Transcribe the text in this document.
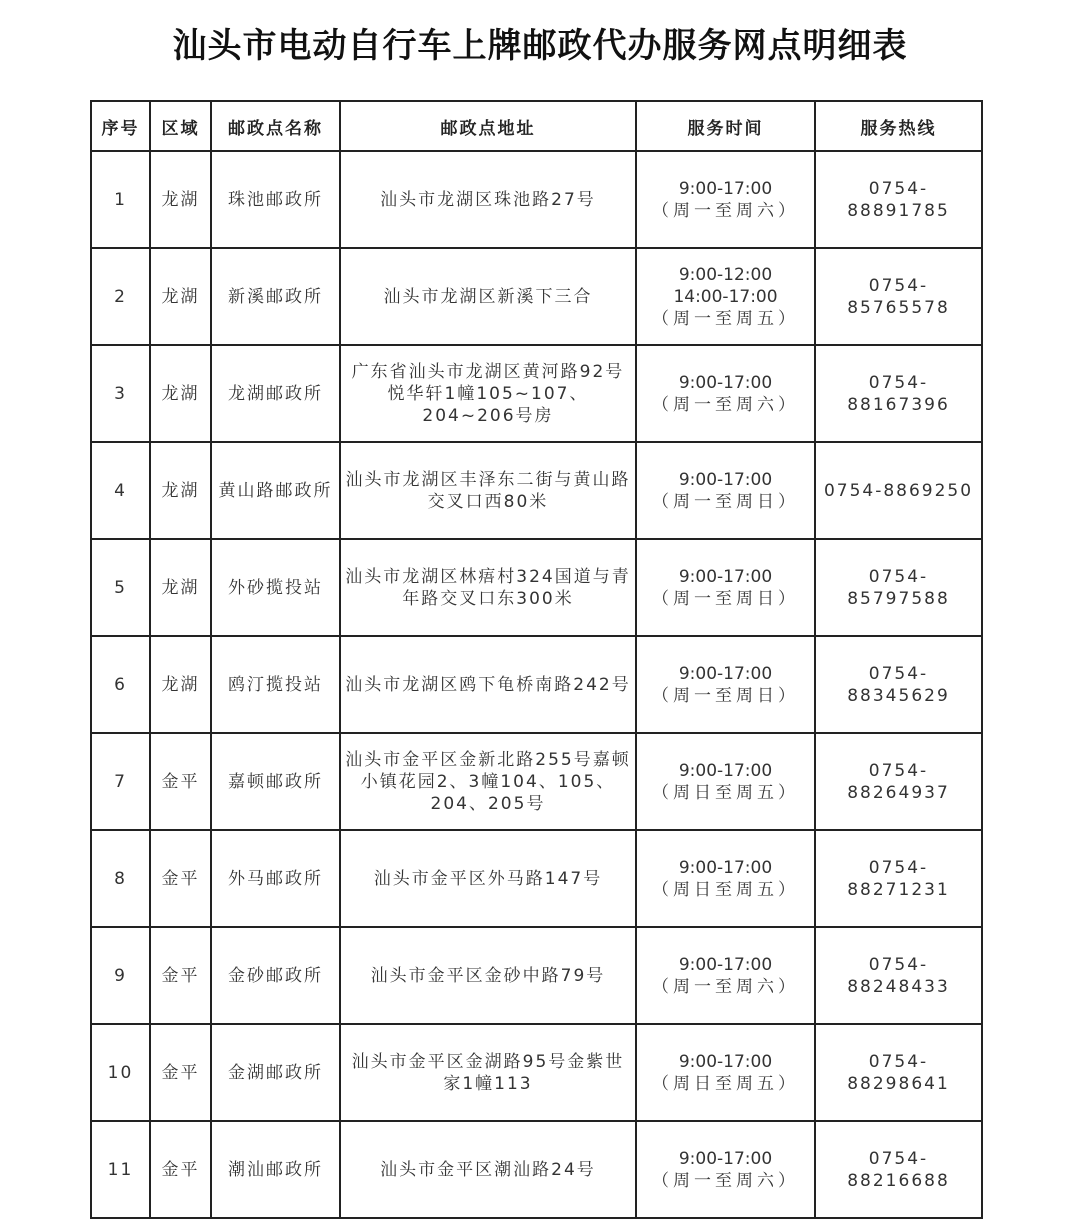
汕头市电动自行车上牌邮政代办服务网点明细表
序号	区域	邮政点名称	邮政点地址	服务时间	服务热线
1	龙湖	珠池邮政所	汕头市龙湖区珠池路27号	9:00-17:00
（周一至周六）	0754-88891785
2	龙湖	新溪邮政所	汕头市龙湖区新溪下三合	9:00-12:00
14:00-17:00
（周一至周五）	0754-85765578
3	龙湖	龙湖邮政所	广东省汕头市龙湖区黄河路92号悦华轩1幢105~107、204~206号房	9:00-17:00
（周一至周六）	0754-88167396
4	龙湖	黄山路邮政所	汕头市龙湖区丰泽东二街与黄山路交叉口西80米	9:00-17:00
（周一至周日）	0754-8869250
5	龙湖	外砂揽投站	汕头市龙湖区林痦村324国道与青年路交叉口东300米	9:00-17:00
（周一至周日）	0754-85797588
6	龙湖	鸥汀揽投站	汕头市龙湖区鸥下龟桥南路242号	9:00-17:00
（周一至周日）	0754-88345629
7	金平	嘉顿邮政所	汕头市金平区金新北路255号嘉顿小镇花园2、3幢104、105、204、205号	9:00-17:00
（周日至周五）	0754-88264937
8	金平	外马邮政所	汕头市金平区外马路147号	9:00-17:00
（周日至周五）	0754-88271231
9	金平	金砂邮政所	汕头市金平区金砂中路79号	9:00-17:00
（周一至周六）	0754-88248433
10	金平	金湖邮政所	汕头市金平区金湖路95号金紫世家1幢113	9:00-17:00
（周日至周五）	0754-88298641
11	金平	潮汕邮政所	汕头市金平区潮汕路24号	9:00-17:00
（周一至周六）	0754-88216688
